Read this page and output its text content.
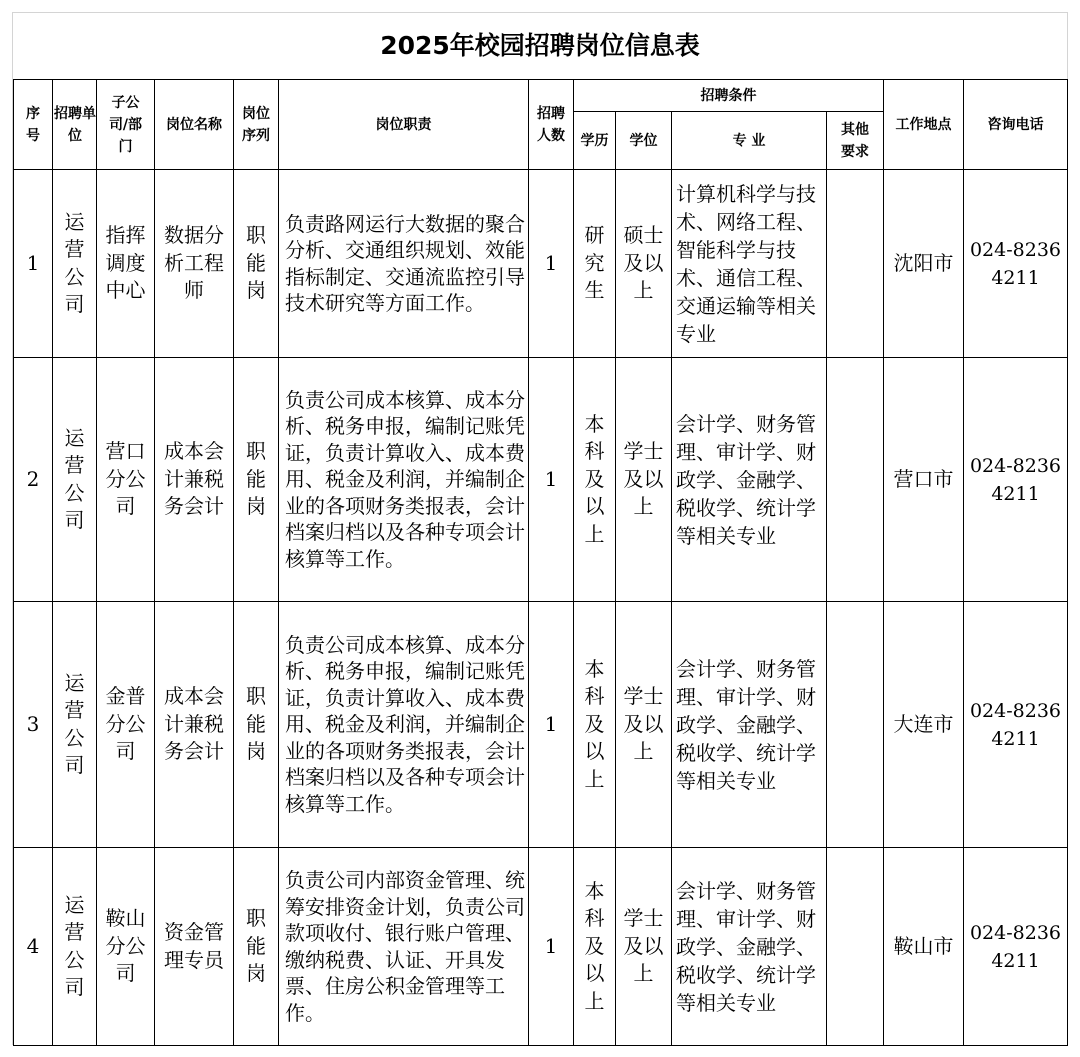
2025年校园招聘岗位信息表
序号	招聘单位	子公司/部门	岗位名称	岗位序列	岗位职责	招聘人数	招聘条件				工作地点	咨询电话
							学历	学位	专 业	其他要求		

1	运营公司	指挥调度中心	数据分析工程师	职能岗	负责路网运行大数据的聚合分析、交通组织规划、效能指标制定、交通流监控引导技术研究等方面工作。	1	研究生	硕士及以上	计算机科学与技术、网络工程、智能科学与技术、通信工程、交通运输等相关专业		沈阳市	024-82364211

2	运营公司	营口分公司	成本会计兼税务会计	职能岗	负责公司成本核算、成本分析、税务申报，编制记账凭证，负责计算收入、成本费用、税金及利润，并编制企业的各项财务类报表，会计档案归档以及各种专项会计核算等工作。	1	本科及以上	学士及以上	会计学、财务管理、审计学、财政学、金融学、税收学、统计学等相关专业		营口市	024-82364211

3	运营公司	金普分公司	成本会计兼税务会计	职能岗	负责公司成本核算、成本分析、税务申报，编制记账凭证，负责计算收入、成本费用、税金及利润，并编制企业的各项财务类报表，会计档案归档以及各种专项会计核算等工作。	1	本科及以上	学士及以上	会计学、财务管理、审计学、财政学、金融学、税收学、统计学等相关专业		大连市	024-82364211

4	运营公司	鞍山分公司	资金管理专员	职能岗	负责公司内部资金管理、统筹安排资金计划，负责公司款项收付、银行账户管理、缴纳税费、认证、开具发票、住房公积金管理等工作。	1	本科及以上	学士及以上	会计学、财务管理、审计学、财政学、金融学、税收学、统计学等相关专业		鞍山市	024-82364211
